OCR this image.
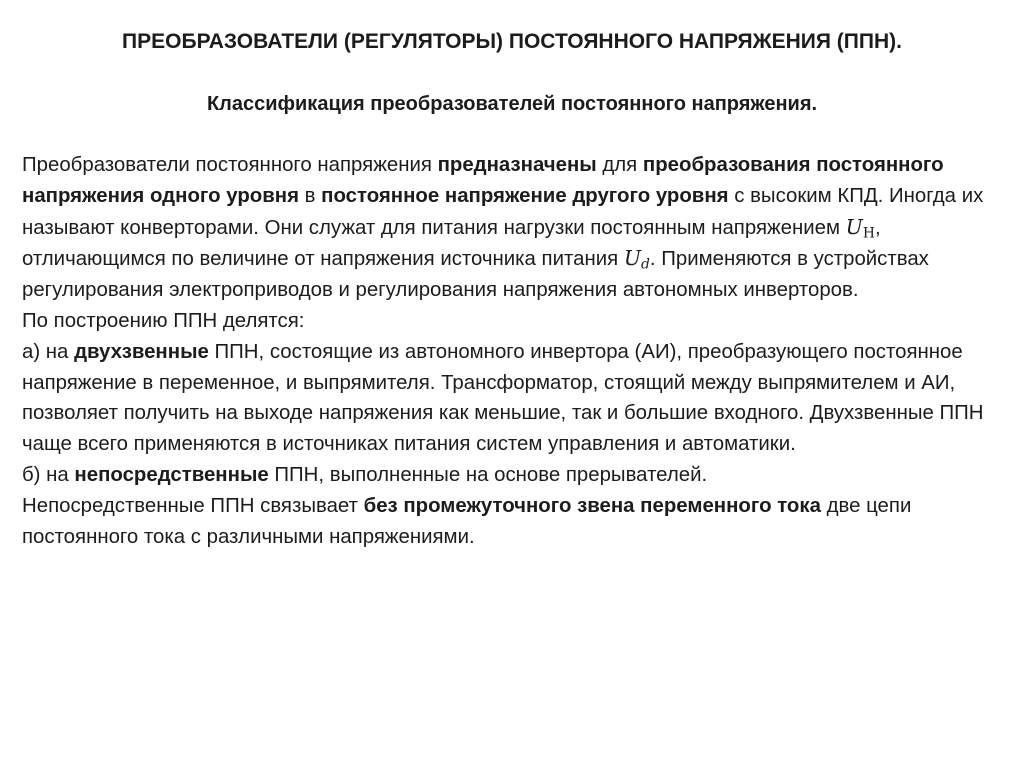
ПРЕОБРАЗОВАТЕЛИ (РЕГУЛЯТОРЫ) ПОСТОЯННОГО НАПРЯЖЕНИЯ (ППН).
Классификация преобразователей постоянного напряжения.

Преобразователи постоянного напряжения предназначены для преобразования постоянного напряжения одного уровня в постоянное напряжение другого уровня с высоким КПД. Иногда их называют конверторами. Они служат для питания нагрузки постоянным напряжением $U_Н$, отличающимся по величине от напряжения источника питания $U_d$. Применяются в устройствах регулирования электроприводов и регулирования напряжения автономных инверторов.

По построению ППН делятся:

а) на двухзвенные ППН, состоящие из автономного инвертора (АИ), преобразующего постоянное напряжение в переменное, и выпрямителя. Трансформатор, стоящий между выпрямителем и АИ, позволяет получить на выходе напряжения как меньшие, так и большие входного. Двухзвенные ППН чаще всего применяются в источниках питания систем управления и автоматики.

б) на непосредственные ППН, выполненные на основе прерывателей.

Непосредственные ППН связывает без промежуточного звена переменного тока две цепи постоянного тока с различными напряжениями.
